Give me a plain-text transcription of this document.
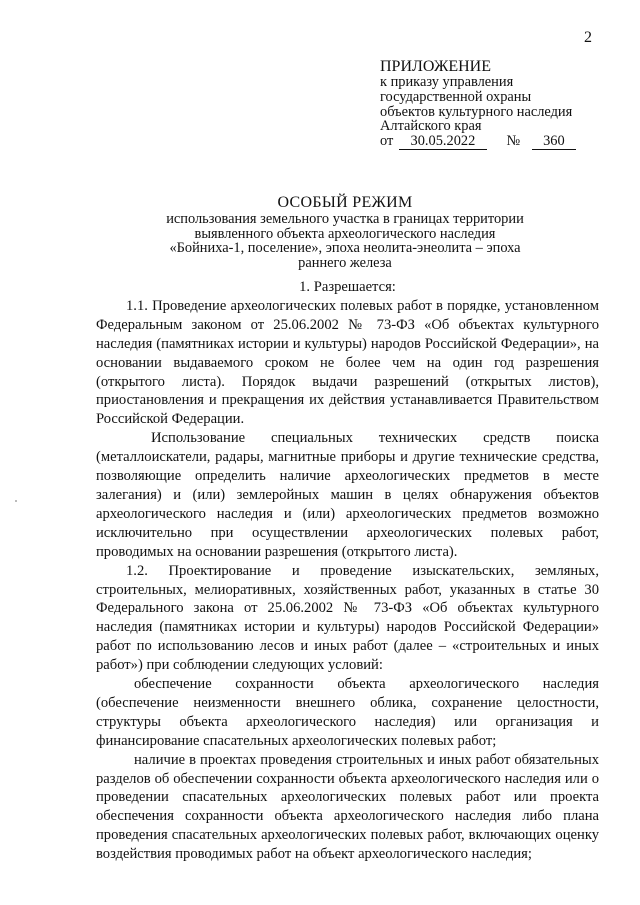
2
ПРИЛОЖЕНИЕ
к приказу управления
государственной охраны
объектов культурного наследия
Алтайского края
от 30.05.2022 № 360
ОСОБЫЙ РЕЖИМ
использования земельного участка в границах территории
выявленного объекта археологического наследия
«Бойниха-1, поселение», эпоха неолита-энеолита – эпоха
раннего железа

1. Разрешается:

1.1. Проведение археологических полевых работ в порядке, установленном Федеральным законом от 25.06.2002 № 73-ФЗ «Об объектах культурного наследия (памятниках истории и культуры) народов Российской Федерации», на основании выдаваемого сроком не более чем на один год разрешения (открытого листа). Порядок выдачи разрешений (открытых листов), приостановления и прекращения их действия устанавливается Правительством Российской Федерации.

Использование специальных технических средств поиска (металлоискатели, радары, магнитные приборы и другие технические средства, позволяющие определить наличие археологических предметов в месте залегания) и (или) землеройных машин в целях обнаружения объектов археологического наследия и (или) археологических предметов возможно исключительно при осуществлении археологических полевых работ, проводимых на основании разрешения (открытого листа).

1.2. Проектирование и проведение изыскательских, земляных, строительных, мелиоративных, хозяйственных работ, указанных в статье 30 Федерального закона от 25.06.2002 № 73-ФЗ «Об объектах культурного наследия (памятниках истории и культуры) народов Российской Федерации» работ по использованию лесов и иных работ (далее – «строительных и иных работ») при соблюдении следующих условий:

обеспечение сохранности объекта археологического наследия (обеспечение неизменности внешнего облика, сохранение целостности, структуры объекта археологического наследия) или организация и финансирование спасательных археологических полевых работ;

наличие в проектах проведения строительных и иных работ обязательных разделов об обеспечении сохранности объекта археологического наследия или о проведении спасательных археологических полевых работ или проекта обеспечения сохранности объекта археологического наследия либо плана проведения спасательных археологических полевых работ, включающих оценку воздействия проводимых работ на объект археологического наследия;
